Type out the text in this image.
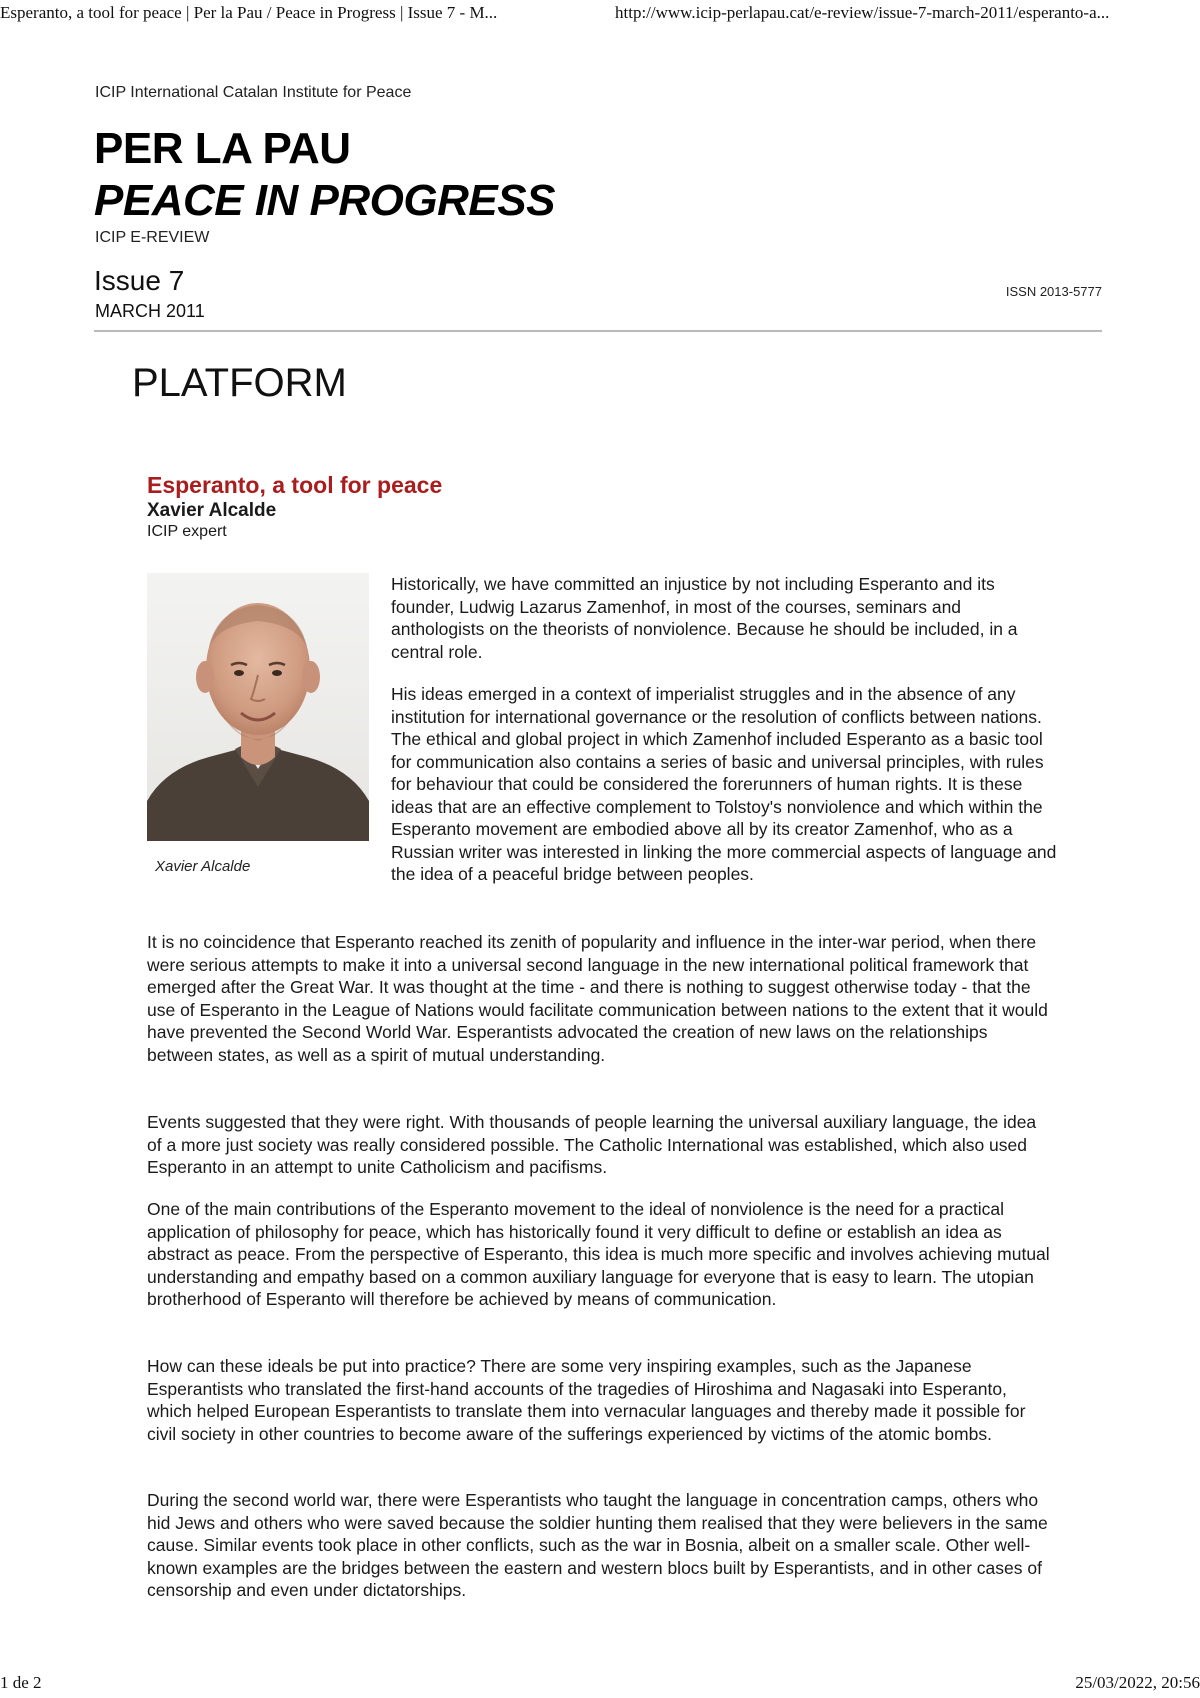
Esperanto, a tool for peace | Per la Pau / Peace in Progress | Issue 7 - M...	http://www.icip-perlapau.cat/e-review/issue-7-march-2011/esperanto-a...
ICIP International Catalan Institute for Peace
PER LA PAU
PEACE IN PROGRESS
ICIP E-REVIEW
Issue 7
MARCH 2011
ISSN 2013-5777
PLATFORM
Esperanto, a tool for peace
Xavier Alcalde
ICIP expert
Xavier Alcalde

Historically, we have committed an injustice by not including Esperanto and its founder, Ludwig Lazarus Zamenhof, in most of the courses, seminars and anthologists on the theorists of nonviolence. Because he should be included, in a central role.

His ideas emerged in a context of imperialist struggles and in the absence of any institution for international governance or the resolution of conflicts between nations. The ethical and global project in which Zamenhof included Esperanto as a basic tool for communication also contains a series of basic and universal principles, with rules for behaviour that could be considered the forerunners of human rights. It is these ideas that are an effective complement to Tolstoy's nonviolence and which within the Esperanto movement are embodied above all by its creator Zamenhof, who as a Russian writer was interested in linking the more commercial aspects of language and the idea of a peaceful bridge between peoples.

It is no coincidence that Esperanto reached its zenith of popularity and influence in the inter-war period, when there were serious attempts to make it into a universal second language in the new international political framework that emerged after the Great War. It was thought at the time - and there is nothing to suggest otherwise today - that the use of Esperanto in the League of Nations would facilitate communication between nations to the extent that it would have prevented the Second World War. Esperantists advocated the creation of new laws on the relationships between states, as well as a spirit of mutual understanding.

Events suggested that they were right. With thousands of people learning the universal auxiliary language, the idea of a more just society was really considered possible. The Catholic International was established, which also used Esperanto in an attempt to unite Catholicism and pacifisms.

One of the main contributions of the Esperanto movement to the ideal of nonviolence is the need for a practical application of philosophy for peace, which has historically found it very difficult to define or establish an idea as abstract as peace. From the perspective of Esperanto, this idea is much more specific and involves achieving mutual understanding and empathy based on a common auxiliary language for everyone that is easy to learn. The utopian brotherhood of Esperanto will therefore be achieved by means of communication.

How can these ideals be put into practice? There are some very inspiring examples, such as the Japanese Esperantists who translated the first-hand accounts of the tragedies of Hiroshima and Nagasaki into Esperanto, which helped European Esperantists to translate them into vernacular languages and thereby made it possible for civil society in other countries to become aware of the sufferings experienced by victims of the atomic bombs.

During the second world war, there were Esperantists who taught the language in concentration camps, others who hid Jews and others who were saved because the soldier hunting them realised that they were believers in the same cause. Similar events took place in other conflicts, such as the war in Bosnia, albeit on a smaller scale. Other well-known examples are the bridges between the eastern and western blocs built by Esperantists, and in other cases of censorship and even under dictatorships.

1 de 2	25/03/2022, 20:56
